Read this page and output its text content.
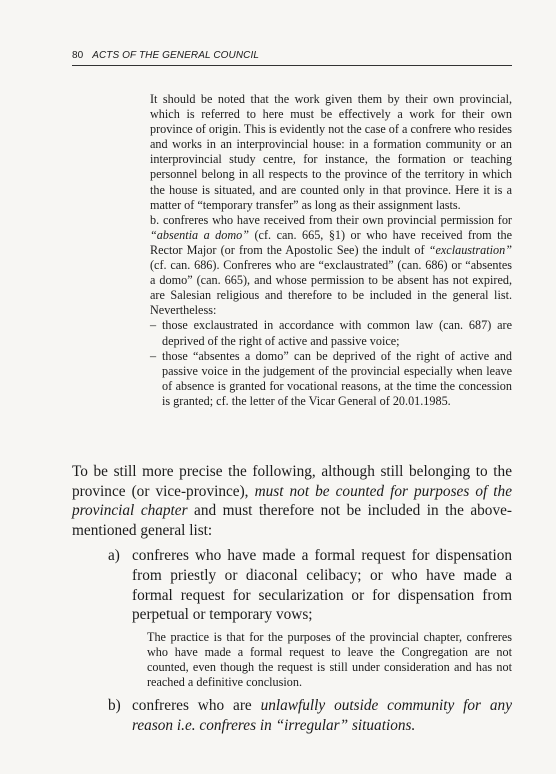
80 ACTS OF THE GENERAL COUNCIL

It should be noted that the work given them by their own provincial, which is referred to here must be effectively a work for their own province of origin. This is evidently not the case of a confrere who resides and works in an interprovincial house: in a formation community or an interprovincial study centre, for instance, the formation or teaching personnel belong in all respects to the province of the territory in which the house is situated, and are counted only in that province. Here it is a matter of “temporary transfer” as long as their assignment lasts.

b. confreres who have received from their own provincial permission for “absentia a domo” (cf. can. 665, §1) or who have received from the Rector Major (or from the Apostolic See) the indult of “exclaustration” (cf. can. 686). Confreres who are “exclaustrated” (can. 686) or “absentes a domo” (can. 665), and whose permission to be absent has not expired, are Salesian religious and therefore to be included in the general list. Nevertheless:

– those exclaustrated in accordance with common law (can. 687) are deprived of the right of active and passive voice;
– those “absentes a domo” can be deprived of the right of active and passive voice in the judgement of the provincial especially when leave of absence is granted for vocational reasons, at the time the concession is granted; cf. the letter of the Vicar General of 20.01.1985.

To be still more precise the following, although still belonging to the province (or vice-province), must not be counted for purposes of the provincial chapter and must therefore not be included in the above-mentioned general list:

a) confreres who have made a formal request for dispensation from priestly or diaconal celibacy; or who have made a formal request for secularization or for dispensation from perpetual or temporary vows;
The practice is that for the purposes of the provincial chapter, confreres who have made a formal request to leave the Congregation are not counted, even though the request is still under consideration and has not reached a definitive conclusion.
b) confreres who are unlawfully outside community for any reason i.e. confreres in “irregular” situations.
